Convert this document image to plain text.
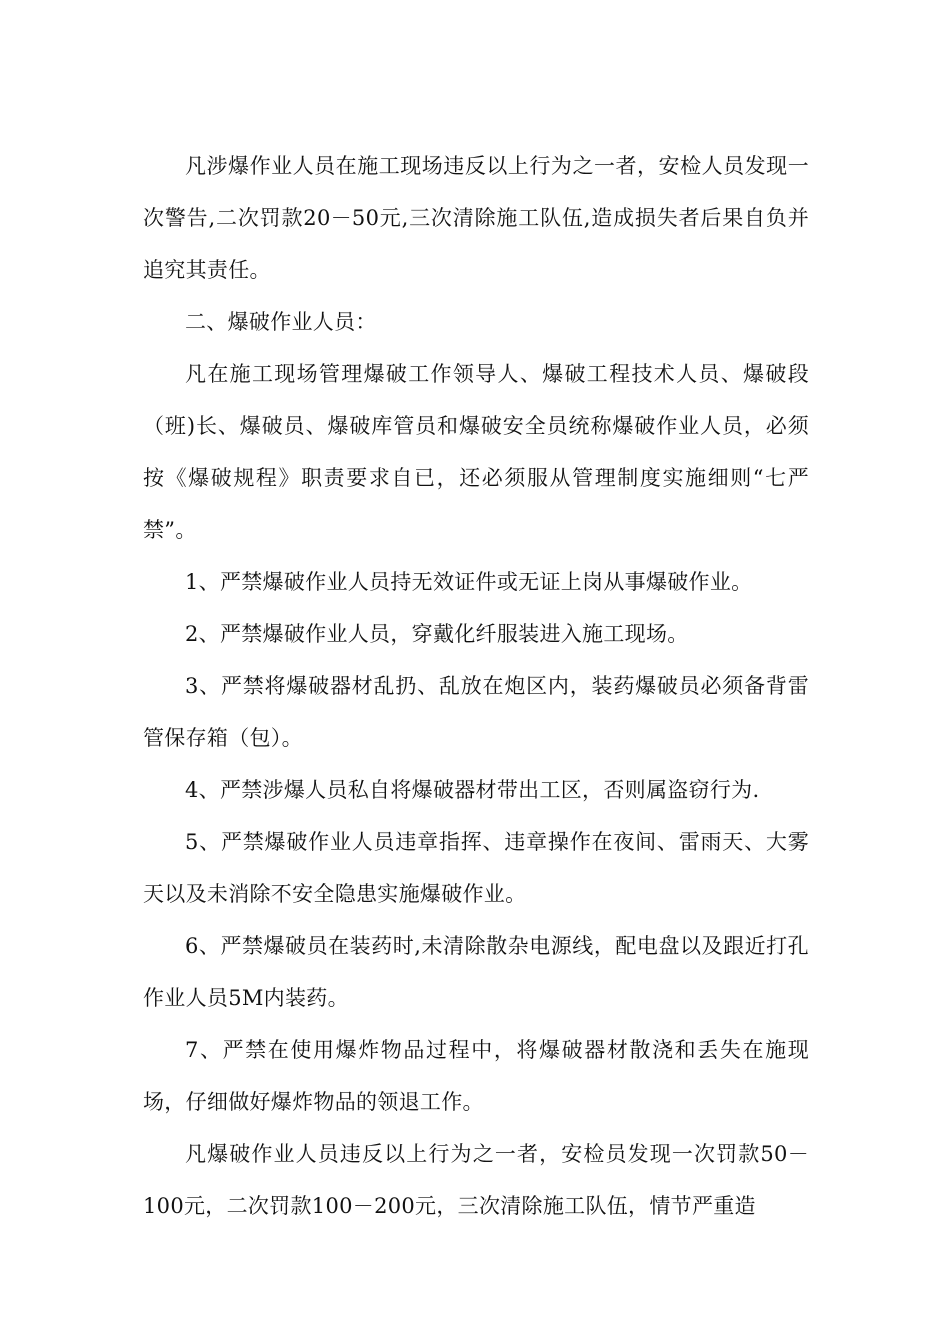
凡涉爆作业人员在施工现场违反以上行为之一者，安检人员发现一次警告,二次罚款20－50元,三次清除施工队伍,造成损失者后果自负并追究其责任。

二、爆破作业人员：

凡在施工现场管理爆破工作领导人、爆破工程技术人员、爆破段（班)长、爆破员、爆破库管员和爆破安全员统称爆破作业人员，必须按《爆破规程》职责要求自已，还必须服从管理制度实施细则“七严禁”。

1、严禁爆破作业人员持无效证件或无证上岗从事爆破作业。

2、严禁爆破作业人员，穿戴化纤服装进入施工现场。

3、严禁将爆破器材乱扔、乱放在炮区内，装药爆破员必须备背雷管保存箱（包）。

4、严禁涉爆人员私自将爆破器材带出工区，否则属盗窃行为.

5、严禁爆破作业人员违章指挥、违章操作在夜间、雷雨天、大雾天以及未消除不安全隐患实施爆破作业。

6、严禁爆破员在装药时,未清除散杂电源线，配电盘以及跟近打孔作业人员5M内装药。

7、严禁在使用爆炸物品过程中，将爆破器材散浇和丢失在施现场，仔细做好爆炸物品的领退工作。

凡爆破作业人员违反以上行为之一者，安检员发现一次罚款50－100元，二次罚款100－200元，三次清除施工队伍，情节严重造
